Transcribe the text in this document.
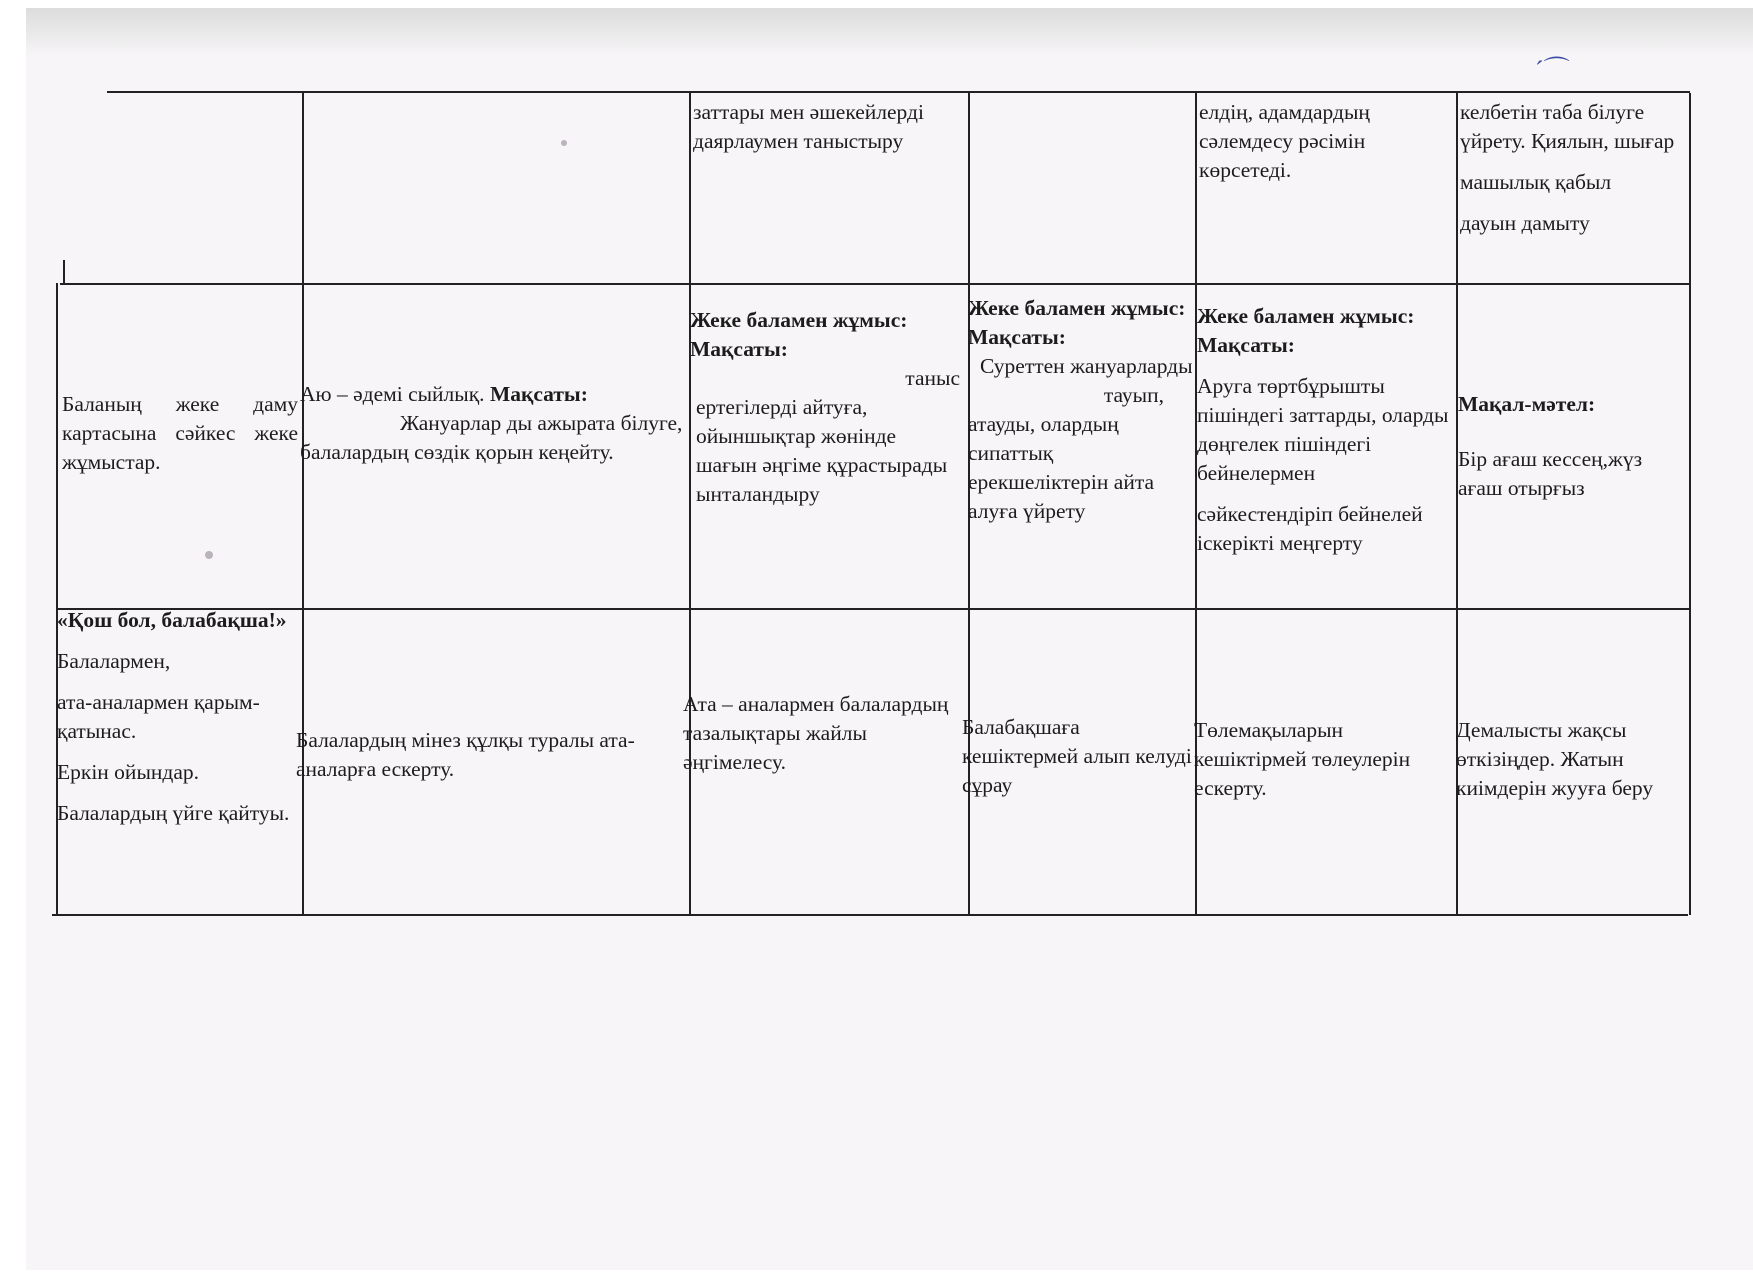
ˊ⌒
заттары мен әшекейлерді даярлаумен таныстыру
елдің, адамдардың сәлемдесу рәсімін көрсетеді.

келбетін таба білуге үйрету. Қиялын, шығар

машылық қабыл

дауын дамыту

Баланың жеке даму картасына сәйкес жеке жұмыстар.
Аю – әдемі сыйлық. Мақсаты: Жануарлар ды ажырата білуге, балалардың сөздік қорын кеңейту.
Жеке баламен жұмыс: Мақсаты:
таныс
ертегілерді айтуға, ойыншықтар жөнінде шағын әңгіме құрастырады ынталандыру
Жеке баламен жұмыс: Мақсаты:
Суреттен жануарларды
тауып,
атауды, олардың сипаттық ерекшеліктерін айта алуға үйрету

Жеке баламен жұмыс: Мақсаты:

Аруга төртбұрышты пішіндегі заттарды, оларды дөңгелек пішіндегі бейнелермен

сәйкестендіріп бейнелей іскерікті меңгерту

Мақал-мәтел:

Бір ағаш кессең,жүз ағаш отырғыз

«Қош бол, балабақша!»

Балалармен,

ата-аналармен қарым- қатынас.

Еркін ойындар.

Балалардың үйге қайтуы.

Балалардың мінез құлқы туралы ата-аналарға ескерту.
Ата – аналармен балалардың тазалықтары жайлы әңгімелесу.
Балабақшаға кешіктермей алып келуді сұрау
Төлемақыларын кешіктірмей төлеулерін ескерту.
Демалысты жақсы өткізіңдер. Жатын киімдерін жууға беру
